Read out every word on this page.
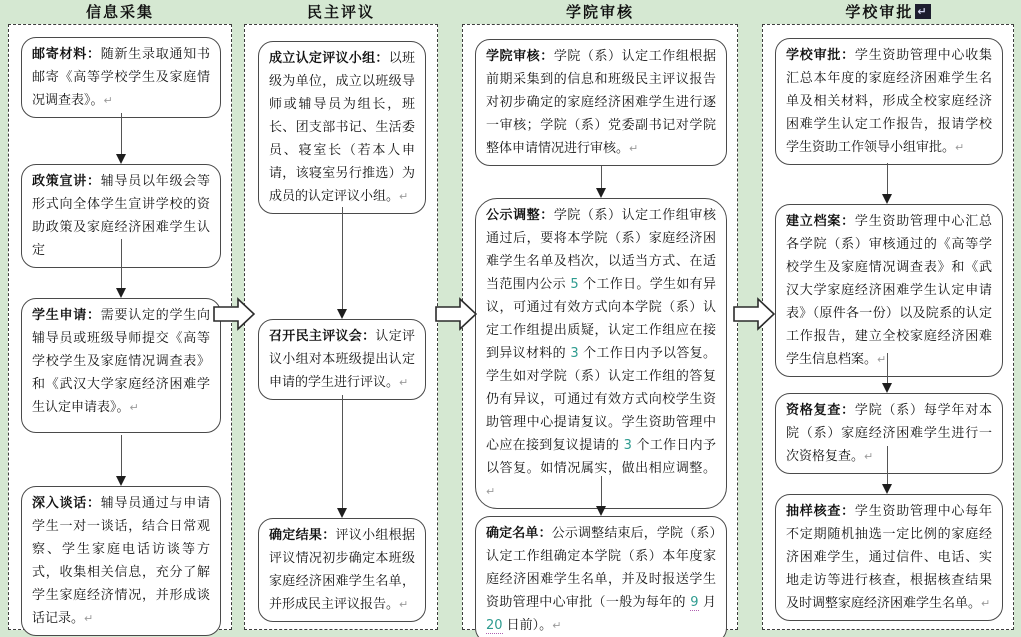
信息采集	民主评议	学院审核	学校审批 ↵

邮寄材料：随新生录取通知书邮寄《高等学校学生及家庭情况调查表》。↵

政策宣讲：辅导员以年级会等形式向全体学生宣讲学校的资助政策及家庭经济困难学生认定

学生申请：需要认定的学生向辅导员或班级导师提交《高等学校学生及家庭情况调查表》和《武汉大学家庭经济困难学生认定申请表》。↵

深入谈话：辅导员通过与申请学生一对一谈话，结合日常观察、学生家庭电话访谈等方式，收集相关信息，充分了解学生家庭经济情况，并形成谈话记录。↵

成立认定评议小组：以班级为单位，成立以班级导师或辅导员为组长，班长、团支部书记、生活委员、寝室长（若本人申请，该寝室另行推选）为成员的认定评议小组。↵

召开民主评议会：认定评议小组对本班级提出认定申请的学生进行评议。↵

确定结果：评议小组根据评议情况初步确定本班级家庭经济困难学生名单，并形成民主评议报告。↵

学院审核：学院（系）认定工作组根据前期采集到的信息和班级民主评议报告对初步确定的家庭经济困难学生进行逐一审核；学院（系）党委副书记对学院整体申请情况进行审核。↵

公示调整：学院（系）认定工作组审核通过后，要将本学院（系）家庭经济困难学生名单及档次，以适当方式、在适当范围内公示 5 个工作日。学生如有异议，可通过有效方式向本学院（系）认定工作组提出质疑，认定工作组应在接到异议材料的 3 个工作日内予以答复。学生如对学院（系）认定工作组的答复仍有异议，可通过有效方式向校学生资助管理中心提请复议。学生资助管理中心应在接到复议提请的 3 个工作日内予以答复。如情况属实，做出相应调整。↵

确定名单：公示调整结束后，学院（系）认定工作组确定本学院（系）本年度家庭经济困难学生名单，并及时报送学生资助管理中心审批（一般为每年的 9 月 20 日前）。↵

学校审批：学生资助管理中心收集汇总本年度的家庭经济困难学生名单及相关材料，形成全校家庭经济困难学生认定工作报告，报请学校学生资助工作领导小组审批。↵

建立档案：学生资助管理中心汇总各学院（系）审核通过的《高等学校学生及家庭情况调查表》和《武汉大学家庭经济困难学生认定申请表》（原件各一份）以及院系的认定工作报告，建立全校家庭经济困难学生信息档案。↵

资格复查：学院（系）每学年对本院（系）家庭经济困难学生进行一次资格复查。↵

抽样核查：学生资助管理中心每年不定期随机抽选一定比例的家庭经济困难学生，通过信件、电话、实地走访等进行核查，根据核查结果及时调整家庭经济困难学生名单。↵
